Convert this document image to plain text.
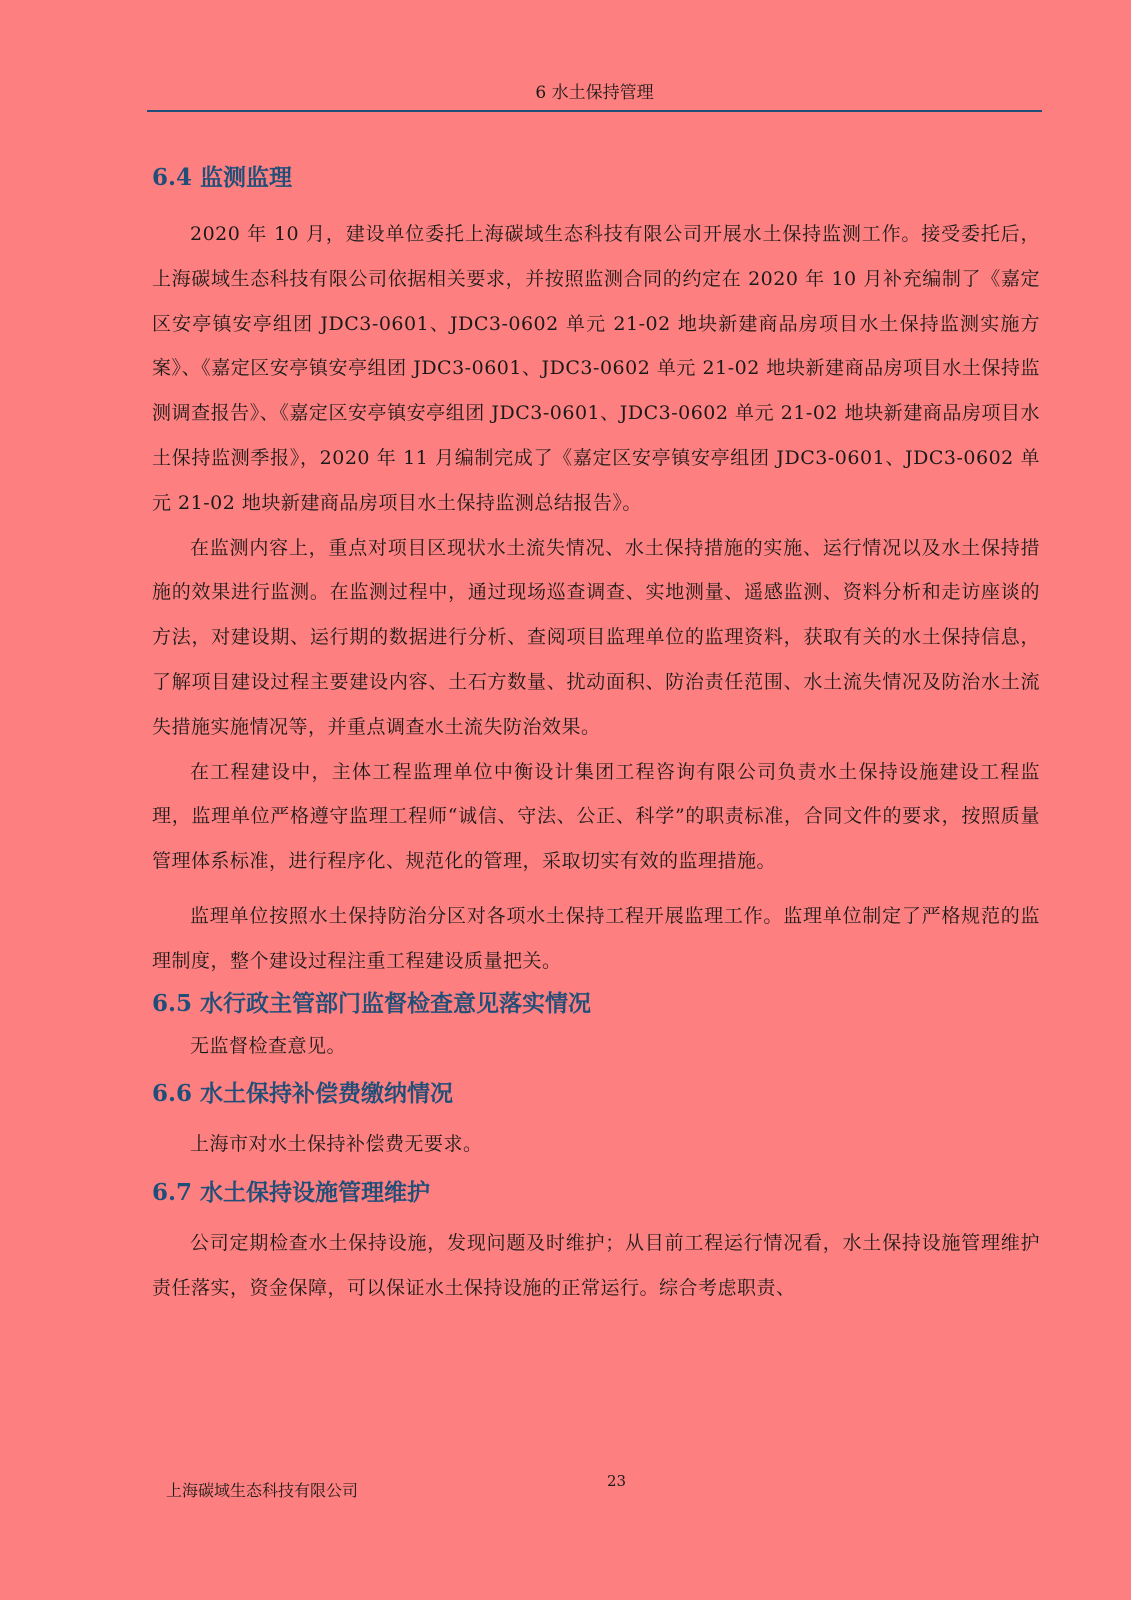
6 水土保持管理
6.4 监测监理

2020 年 10 月，建设单位委托上海碳域生态科技有限公司开展水土保持监测工作。接受委托后，上海碳域生态科技有限公司依据相关要求，并按照监测合同的约定在 2020 年 10 月补充编制了《嘉定区安亭镇安亭组团 JDC3-0601、JDC3-0602 单元 21-02 地块新建商品房项目水土保持监测实施方案》、《嘉定区安亭镇安亭组团 JDC3-0601、JDC3-0602 单元 21-02 地块新建商品房项目水土保持监测调查报告》、《嘉定区安亭镇安亭组团 JDC3-0601、JDC3-0602 单元 21-02 地块新建商品房项目水土保持监测季报》，2020 年 11 月编制完成了《嘉定区安亭镇安亭组团 JDC3-0601、JDC3-0602 单元 21-02 地块新建商品房项目水土保持监测总结报告》。

在监测内容上，重点对项目区现状水土流失情况、水土保持措施的实施、运行情况以及水土保持措施的效果进行监测。在监测过程中，通过现场巡查调查、实地测量、遥感监测、资料分析和走访座谈的方法，对建设期、运行期的数据进行分析、查阅项目监理单位的监理资料，获取有关的水土保持信息，了解项目建设过程主要建设内容、土石方数量、扰动面积、防治责任范围、水土流失情况及防治水土流失措施实施情况等，并重点调查水土流失防治效果。

在工程建设中，主体工程监理单位中衡设计集团工程咨询有限公司负责水土保持设施建设工程监理，监理单位严格遵守监理工程师“诚信、守法、公正、科学”的职责标准，合同文件的要求，按照质量管理体系标准，进行程序化、规范化的管理，采取切实有效的监理措施。

监理单位按照水土保持防治分区对各项水土保持工程开展监理工作。监理单位制定了严格规范的监理制度，整个建设过程注重工程建设质量把关。

6.5 水行政主管部门监督检查意见落实情况

无监督检查意见。

6.6 水土保持补偿费缴纳情况

上海市对水土保持补偿费无要求。

6.7 水土保持设施管理维护

公司定期检查水土保持设施，发现问题及时维护；从目前工程运行情况看，水土保持设施管理维护责任落实，资金保障，可以保证水土保持设施的正常运行。综合考虑职责、

上海碳域生态科技有限公司	23
